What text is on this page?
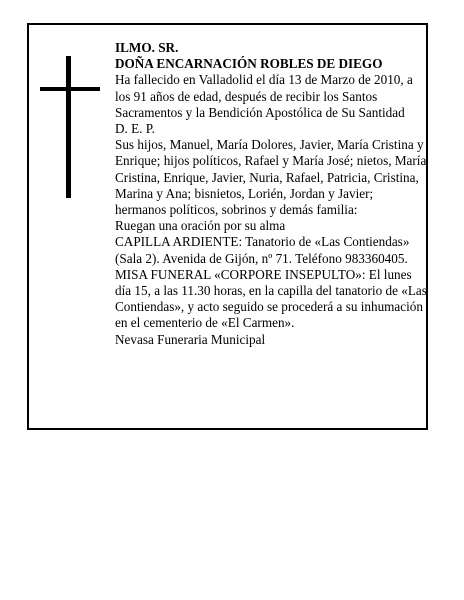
ILMO. SR.

DOÑA ENCARNACIÓN ROBLES DE DIEGO

Ha fallecido en Valladolid el día 13 de Marzo de 2010, a los 91 años de edad, después de recibir los Santos Sacramentos y la Bendición Apostólica de Su Santidad

D. E. P.

Sus hijos, Manuel, María Dolores, Javier, María Cristina y Enrique; hijos políticos, Rafael y María José; nietos, María Cristina, Enrique, Javier, Nuria, Rafael, Patricia, Cristina, Marina y Ana; bisnietos, Lorién, Jordan y Javier; hermanos políticos, sobrinos y demás familia:

Ruegan una oración por su alma

CAPILLA ARDIENTE: Tanatorio de «Las Contiendas» (Sala 2). Avenida de Gijón, nº 71. Teléfono 983360405.

MISA FUNERAL «CORPORE INSEPULTO»: El lunes día 15, a las 11.30 horas, en la capilla del tanatorio de «Las Contiendas», y acto seguido se procederá a su inhumación en el cementerio de «El Carmen».

Nevasa Funeraria Municipal
